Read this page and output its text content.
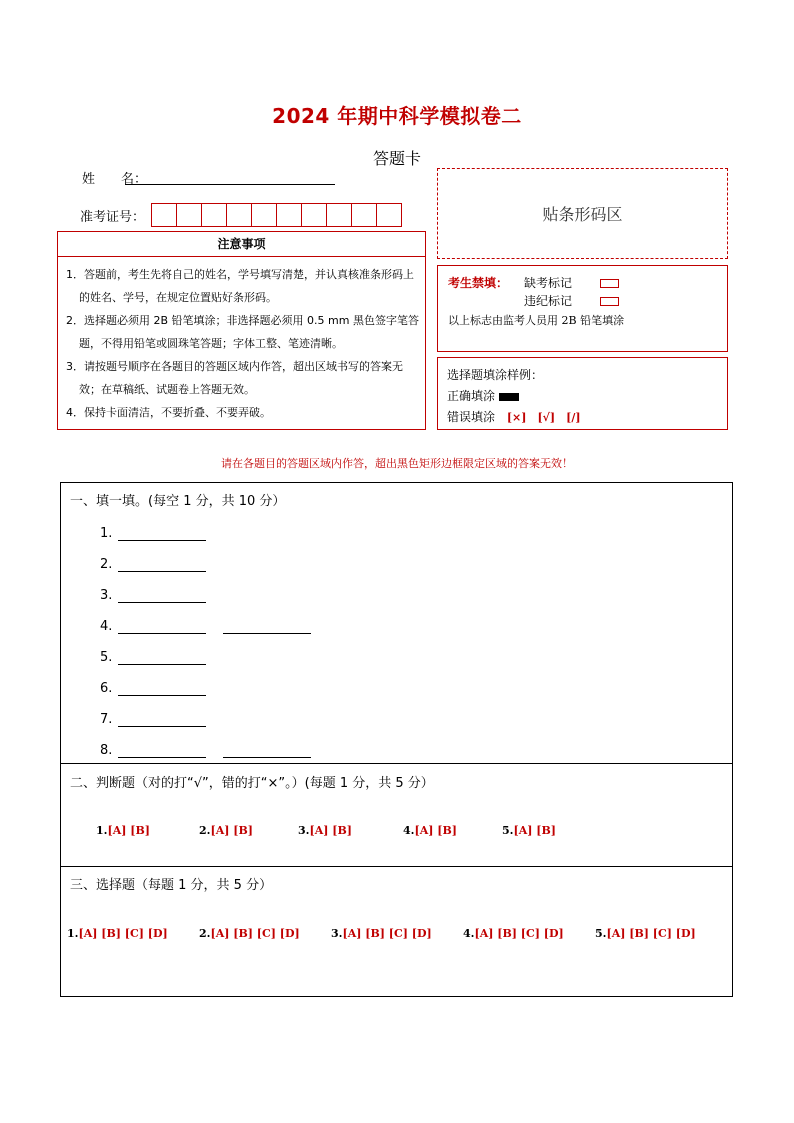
2024 年期中科学模拟卷二
答题卡
姓　　名：
准考证号：	贴条形码区
注意事项
1．答题前，考生先将自己的姓名，学号填写清楚，并认真核准条形码上的姓名、学号，在规定位置贴好条形码。
2．选择题必须用 2B 铅笔填涂；非选择题必须用 0.5 mm 黑色签字笔答题，不得用铅笔或圆珠笔答题；字体工整、笔迹清晰。
3．请按题号顺序在各题目的答题区域内作答，超出区域书写的答案无效；在草稿纸、试题卷上答题无效。
4．保持卡面清洁，不要折叠、不要弄破。
考生禁填： 缺考标记
违纪标记
以上标志由监考人员用 2B 铅笔填涂
选择题填涂样例：
正确填涂
错误填涂 [×]　[√]　[/]
请在各题目的答题区域内作答，超出黑色矩形边框限定区域的答案无效！
一、填一填。(每空 1 分，共 10 分）
1.
2.
3.
4.
5.
6.
7.
8.
二、判断题（对的打“√”，错的打“×”。）(每题 1 分，共 5 分）
1.[A] [B]	2.[A] [B]	3.[A] [B]	4.[A] [B]	5.[A] [B]
三、选择题（每题 1 分，共 5 分）
1.[A] [B] [C] [D]	2.[A] [B] [C] [D]	3.[A] [B] [C] [D]	4.[A] [B] [C] [D]	5.[A] [B] [C] [D]
